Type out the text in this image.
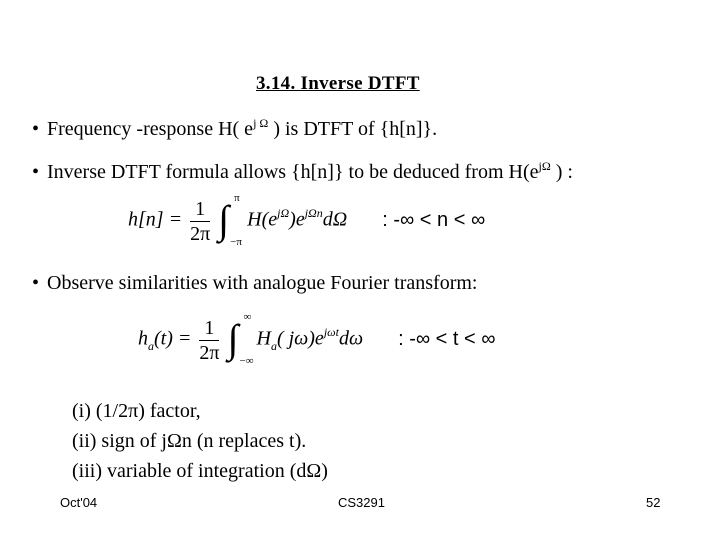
3.14. Inverse DTFT
• Frequency -response H( $e^{j \Omega}$ ) is DTFT of {h[n]}.
• Inverse DTFT formula allows {h[n]} to be deduced from $H(e^{j\Omega}$ ) :
$h[n] = \frac{1}{2\pi}$
∫ π
−π
$H(e^{j\Omega})e^{j\Omega n}d\Omega$ : -∞ < n < ∞
• Observe similarities with analogue Fourier transform:
$h_a(t) = \frac{1}{2\pi}$
∫ ∞
−∞
$H_a$( $j\omega)e^{j\omega t}d\omega$ : -∞ < t < ∞
(i) (1/2π) factor,
(ii) sign of jΩn (n replaces t).
(iii) variable of integration (dΩ)
Oct'04	CS3291	52
